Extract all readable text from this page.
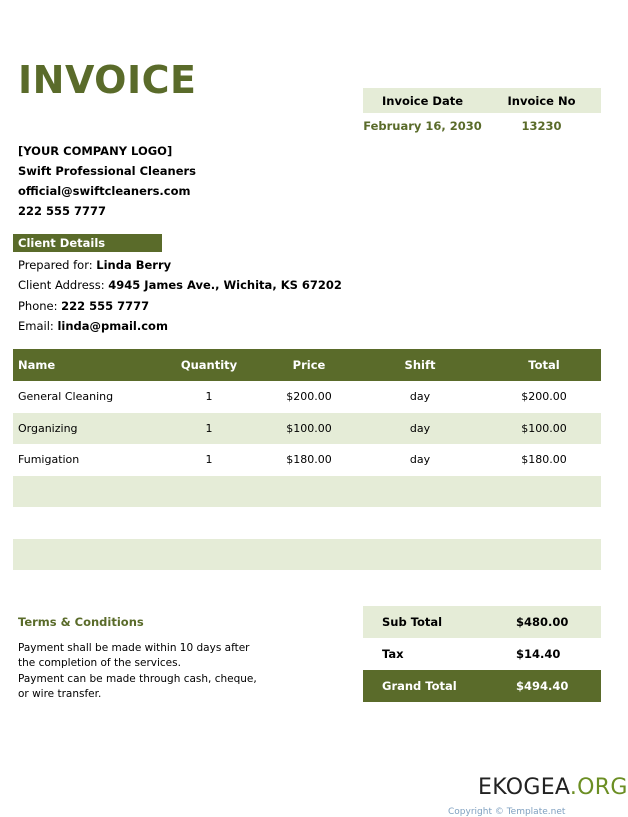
INVOICE	Invoice Date	Invoice No
February 16, 2030	13230
[YOUR COMPANY LOGO]
Swift Professional Cleaners
official@swiftcleaners.com
222 555 7777
Client Details
Prepared for: Linda Berry
Client Address: 4945 James Ave., Wichita, KS 67202
Phone: 222 555 7777
Email: linda@pmail.com
Name	Quantity	Price	Shift	Total
General Cleaning	1	$200.00	day	$200.00
Organizing	1	$100.00	day	$100.00
Fumigation	1	$180.00	day	$180.00
Terms & Conditions
Payment shall be made within 10 days after
the completion of the services.
Payment can be made through cash, cheque,
or wire transfer.
Sub Total	$480.00
Tax	$14.40
Grand Total	$494.40
EKOGEA.ORG
Copyright © Template.net
